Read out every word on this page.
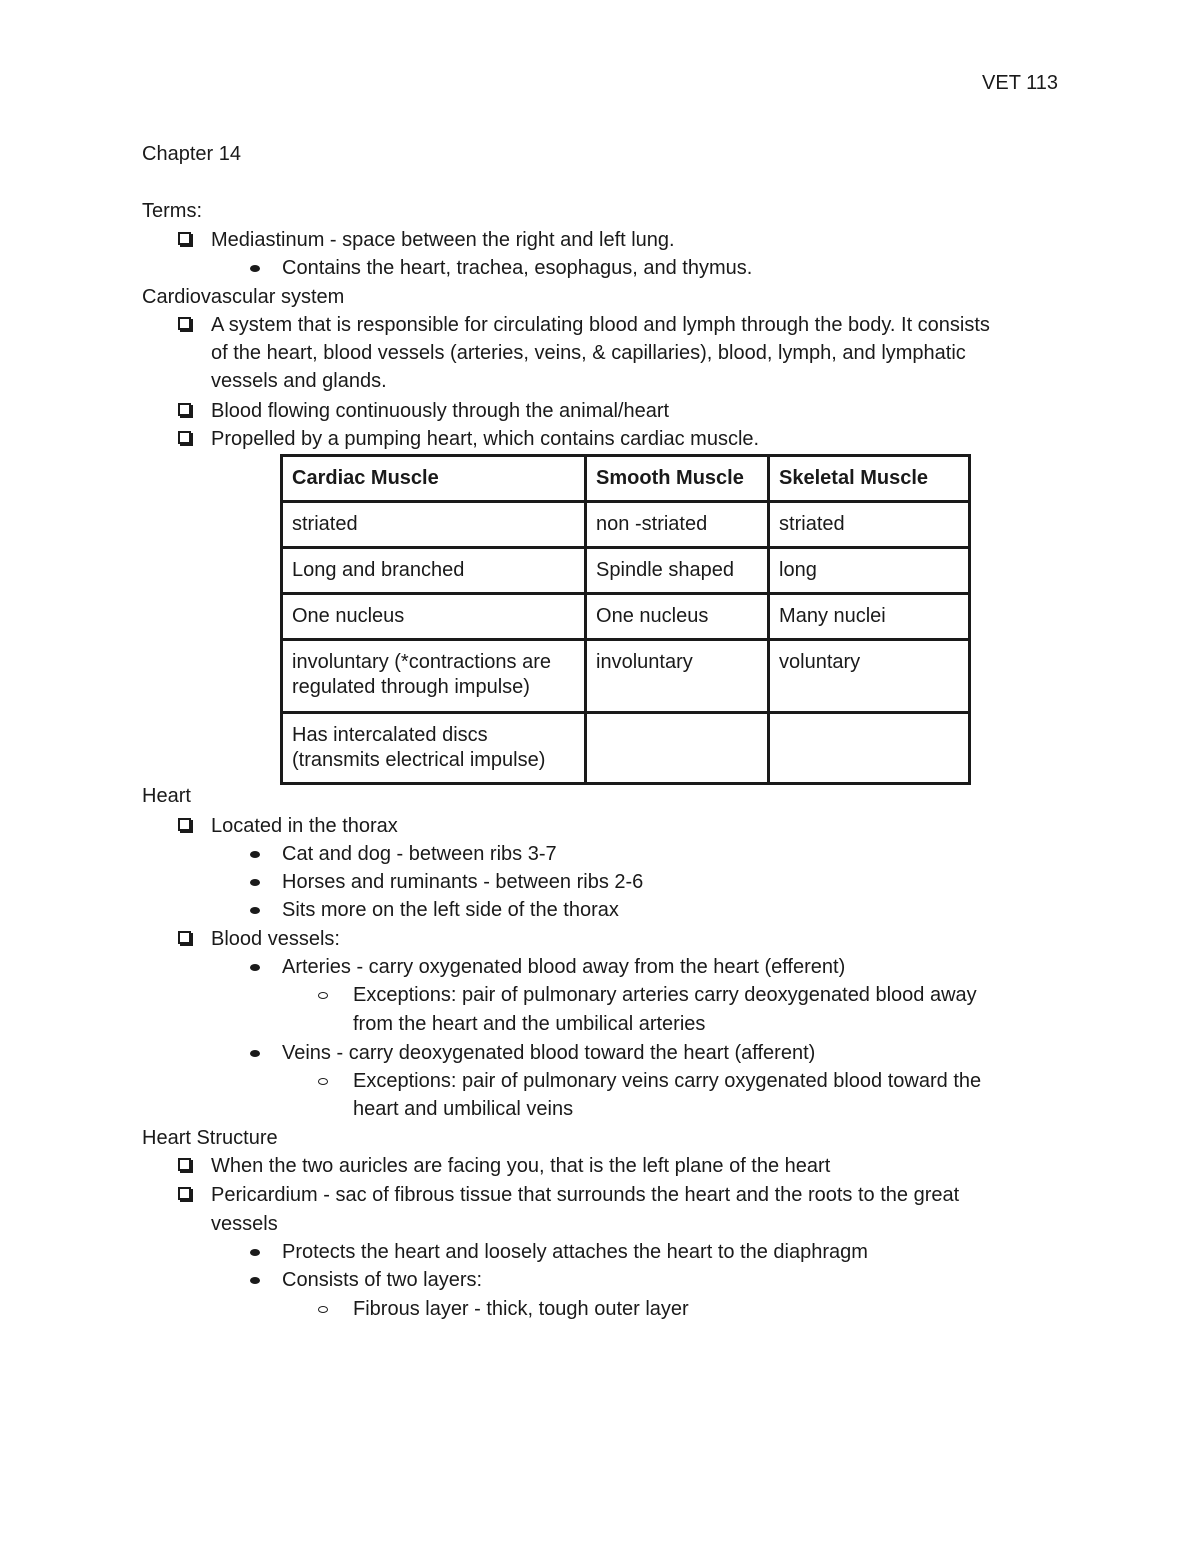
VET 113
Chapter 14
Terms:
Mediastinum - space between the right and left lung.
Contains the heart, trachea, esophagus, and thymus.
Cardiovascular system
A system that is responsible for circulating blood and lymph through the body. It consists
of the heart, blood vessels (arteries, veins, & capillaries), blood, lymph, and lymphatic
vessels and glands.
Blood flowing continuously through the animal/heart
Propelled by a pumping heart, which contains cardiac muscle.
Cardiac Muscle	Smooth Muscle	Skeletal Muscle
striated	non -striated	striated
Long and branched	Spindle shaped	long
One nucleus	One nucleus	Many nuclei
involuntary (*contractions are regulated through impulse)	involuntary	voluntary
Has intercalated discs (transmits electrical impulse)		
Heart
Located in the thorax
Cat and dog - between ribs 3-7
Horses and ruminants - between ribs 2-6
Sits more on the left side of the thorax
Blood vessels:
Arteries - carry oxygenated blood away from the heart (efferent)
Exceptions: pair of pulmonary arteries carry deoxygenated blood away
from the heart and the umbilical arteries
Veins - carry deoxygenated blood toward the heart (afferent)
Exceptions: pair of pulmonary veins carry oxygenated blood toward the
heart and umbilical veins
Heart Structure
When the two auricles are facing you, that is the left plane of the heart
Pericardium - sac of fibrous tissue that surrounds the heart and the roots to the great
vessels
Protects the heart and loosely attaches the heart to the diaphragm
Consists of two layers:
Fibrous layer - thick, tough outer layer
